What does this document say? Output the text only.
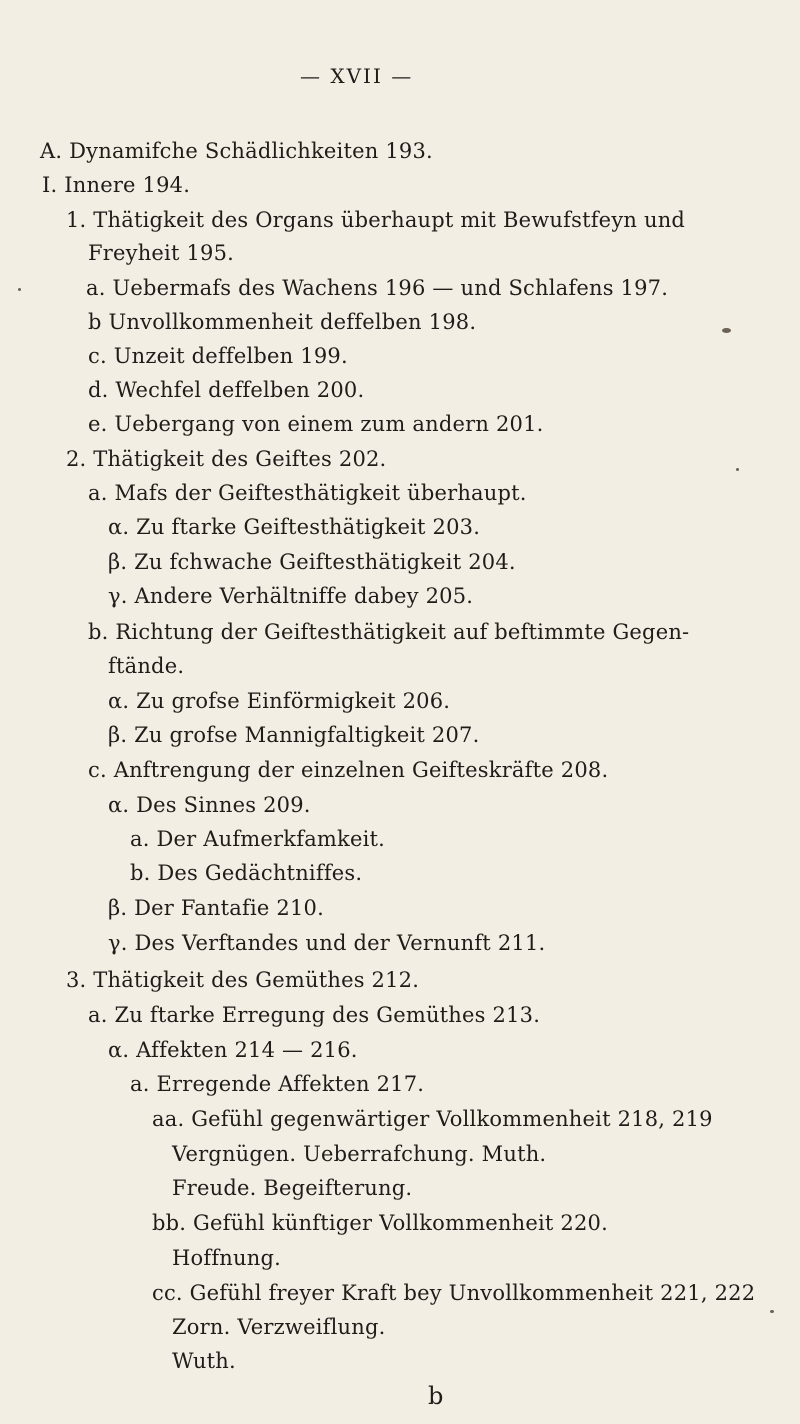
— XVII —
A. Dynamifche Schädlichkeiten 193.
I. Innere 194.
1. Thätigkeit des Organs überhaupt mit Bewufstfeyn und
Freyheit 195.
a. Uebermafs des Wachens 196 — und Schlafens 197.
b Unvollkommenheit deffelben 198.
c. Unzeit deffelben 199.
d. Wechfel deffelben 200.
e. Uebergang von einem zum andern 201.
2. Thätigkeit des Geiftes 202.
a. Mafs der Geiftesthätigkeit überhaupt.
α. Zu ftarke Geiftesthätigkeit 203.
β. Zu fchwache Geiftesthätigkeit 204.
γ. Andere Verhältniffe dabey 205.
b. Richtung der Geiftesthätigkeit auf beftimmte Gegen-
ftände.
α. Zu grofse Einförmigkeit 206.
β. Zu grofse Mannigfaltigkeit 207.
c. Anftrengung der einzelnen Geifteskräfte 208.
α. Des Sinnes 209.
a. Der Aufmerkfamkeit.
b. Des Gedächtniffes.
β. Der Fantafie 210.
γ. Des Verftandes und der Vernunft 211.
3. Thätigkeit des Gemüthes 212.
a. Zu ftarke Erregung des Gemüthes 213.
α. Affekten 214 — 216.
a. Erregende Affekten 217.
aa. Gefühl gegenwärtiger Vollkommenheit 218, 219
Vergnügen. Ueberrafchung. Muth.
Freude. Begeifterung.
bb. Gefühl künftiger Vollkommenheit 220.
Hoffnung.
cc. Gefühl freyer Kraft bey Unvollkommenheit 221, 222
Zorn. Verzweiflung.
Wuth.
b
